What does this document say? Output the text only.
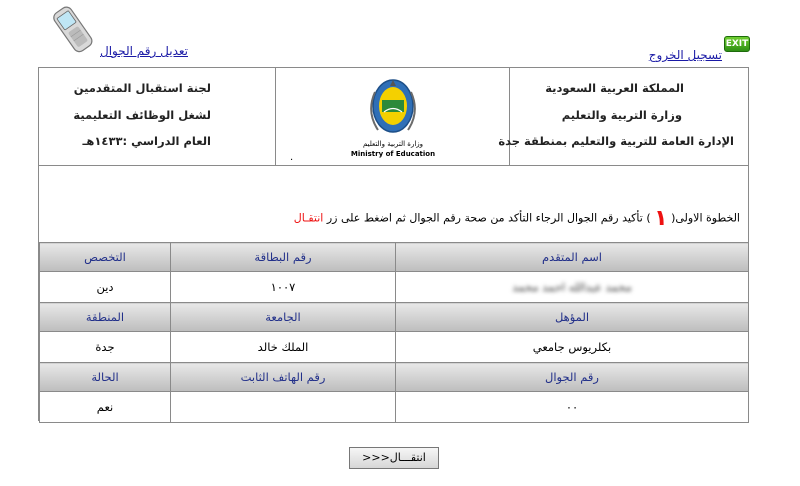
تعديل رقم الجوال	تسجيل الخروج
EXIT
لجنة استقبال المتقدمين
لشغل الوظائف التعليمية
العام الدراسي :١٤٣٣هـ	وزارة التربية والتعليم
Ministry of Education
.
المملكة العربية السعودية
وزارة التربية والتعليم
الإدارة العامة للتربية والتعليم بمنطقة جدة
الخطوة الاولى( ١ ) تأكيد رقم الجوال الرجاء التأكد من صحة رقم الجوال ثم اضغط على زر انتقـال
التخصص	رقم البطاقة	اسم المتقدم
دين	١٠٠٧	محمد عبدالله احمد محمد
المنطقة	الجامعة	المؤهل
جدة	الملك خالد	بكلريوس جامعي
الحالة	رقم الهاتف الثابت	رقم الجوال
نعم		٠٠
انتقـــال<<<
